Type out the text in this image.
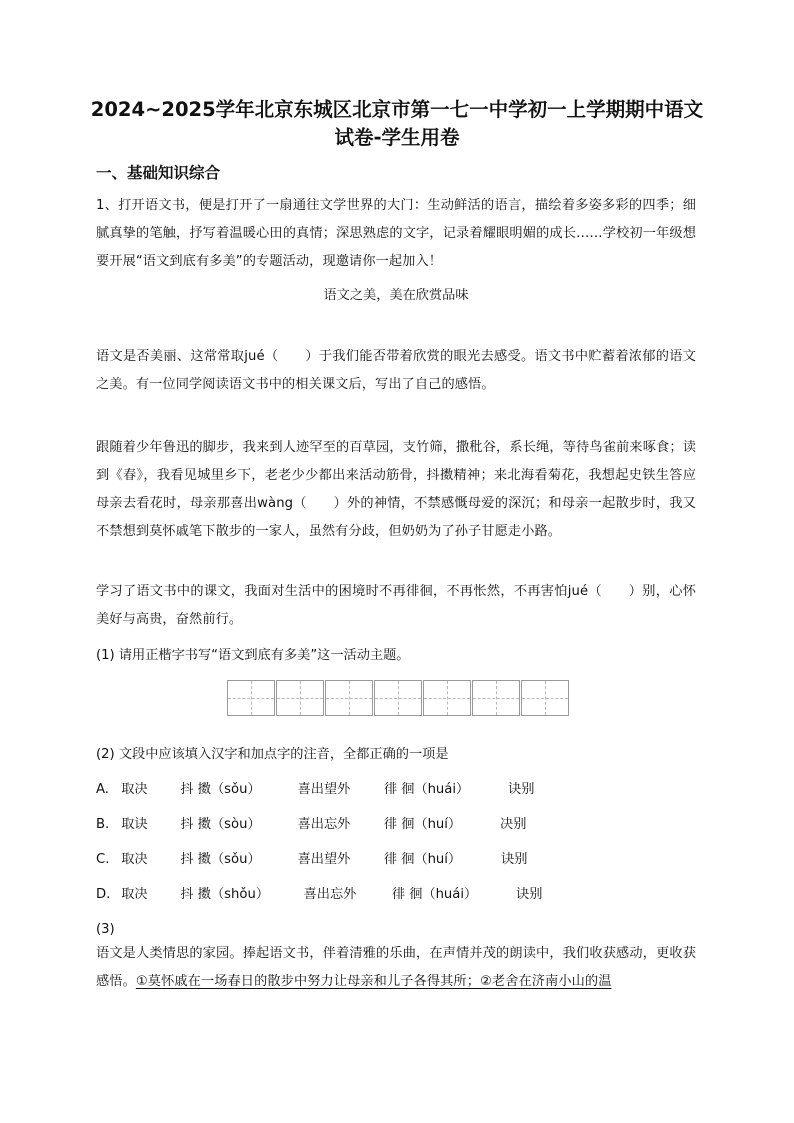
2024~2025学年北京东城区北京市第一七一中学初一上学期期中语文
试卷-学生用卷
一、基础知识综合
1、打开语文书，便是打开了一扇通往文学世界的大门：生动鲜活的语言，描绘着多姿多彩的四季；细腻真挚的笔触，抒写着温暖心田的真情；深思熟虑的文字，记录着耀眼明媚的成长……学校初一年级想要开展“语文到底有多美”的专题活动，现邀请你一起加入！
语文之美，美在欣赏品味
语文是否美丽、这常常取jué（　　）于我们能否带着欣赏的眼光去感受。语文书中贮蓄着浓郁的语文之美。有一位同学阅读语文书中的相关课文后，写出了自己的感悟。
跟随着少年鲁迅的脚步，我来到人迹罕至的百草园，支竹筛，撒秕谷，系长绳，等待鸟雀前来啄食；读到《春》，我看见城里乡下，老老少少都出来活动筋骨，抖擞精神；来北海看菊花，我想起史铁生答应母亲去看花时，母亲那喜出wàng（　　）外的神情，不禁感慨母爱的深沉；和母亲一起散步时，我又不禁想到莫怀戚笔下散步的一家人，虽然有分歧，但奶奶为了孙子甘愿走小路。
学习了语文书中的课文，我面对生活中的困境时不再徘徊，不再怅然，不再害怕jué（　　）别，心怀美好与高贵，奋然前行。
(1) 请用正楷字书写“语文到底有多美”这一活动主题。
(2) 文段中应该填入汉字和加点字的注音，全都正确的一项是
A. 取决 抖 擞（sǒu）	喜出望外	徘 徊（huái）	诀别
B. 取诀 抖 擞（sòu）	喜出忘外	徘 徊（huí）	决别
C. 取决 抖 擞（sǒu）	喜出望外	徘 徊（huí）	诀别
D. 取决 抖 擞（shǒu）	喜出忘外	徘 徊（huái）	诀别
(3)
语文是人类情思的家园。捧起语文书，伴着清雅的乐曲，在声情并茂的朗读中，我们收获感动，更收获感悟。①莫怀戚在一场春日的散步中努力让母亲和儿子各得其所；②老舍在济南小山的温
